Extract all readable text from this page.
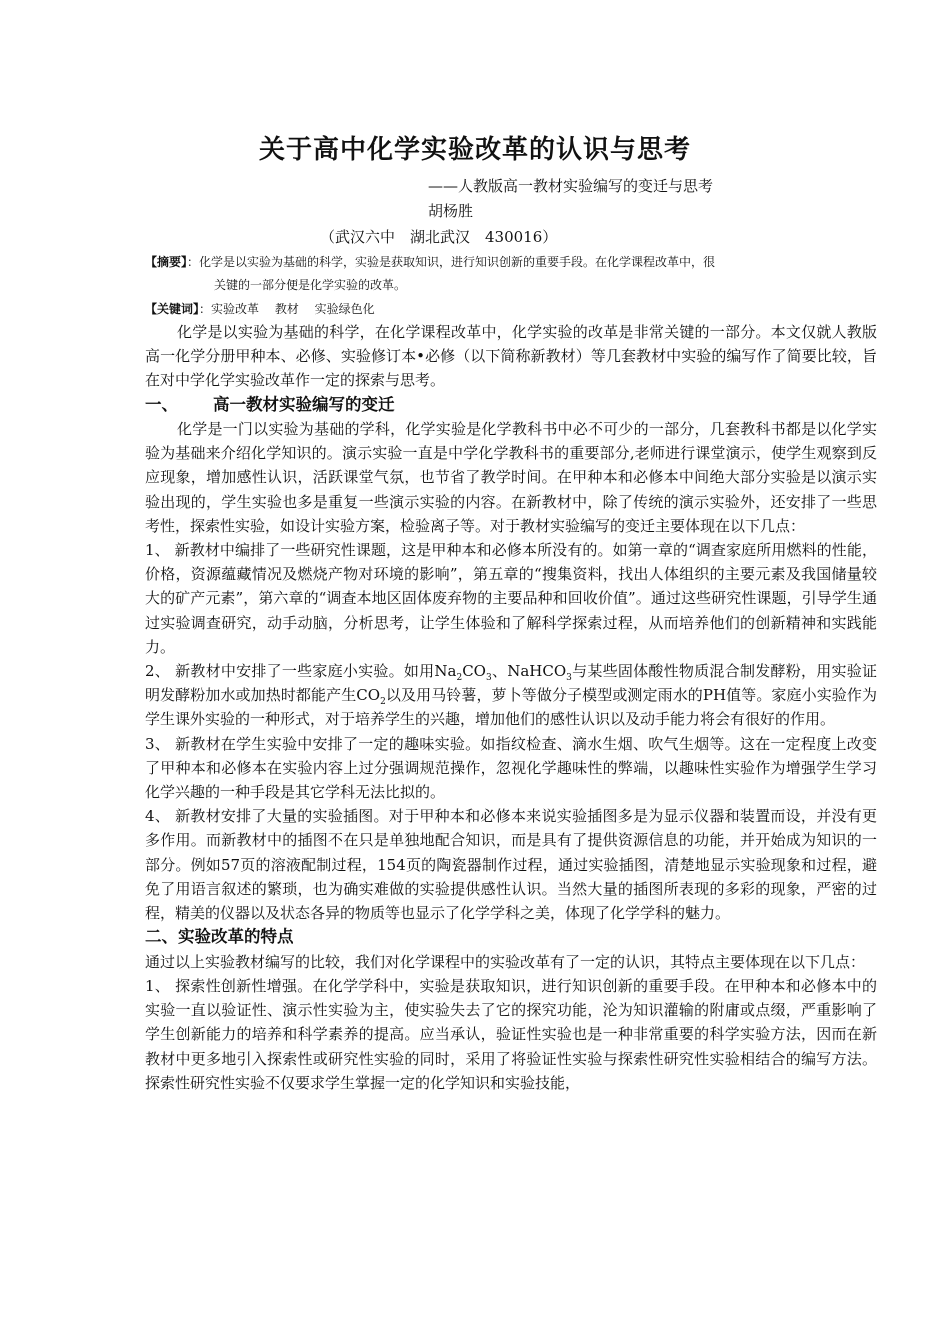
关于高中化学实验改革的认识与思考
——人教版高一教材实验编写的变迁与思考
胡杨胜
（武汉六中　湖北武汉　430016）
【摘要】：化学是以实验为基础的科学，实验是获取知识，进行知识创新的重要手段。在化学课程改革中，很
关键的一部分便是化学实验的改革。
【关键词】：实验改革　 教材　 实验绿色化

化学是以实验为基础的科学，在化学课程改革中，化学实验的改革是非常关键的一部分。本文仅就人教版高一化学分册甲种本、必修、实验修订本•必修（以下简称新教材）等几套教材中实验的编写作了简要比较，旨在对中学化学实验改革作一定的探索与思考。

一、 高一教材实验编写的变迁

化学是一门以实验为基础的学科，化学实验是化学教科书中必不可少的一部分，几套教科书都是以化学实验为基础来介绍化学知识的。演示实验一直是中学化学教科书的重要部分,老师进行课堂演示，使学生观察到反应现象，增加感性认识，活跃课堂气氛，也节省了教学时间。在甲种本和必修本中间绝大部分实验是以演示实验出现的，学生实验也多是重复一些演示实验的内容。在新教材中，除了传统的演示实验外，还安排了一些思考性，探索性实验，如设计实验方案，检验离子等。对于教材实验编写的变迁主要体现在以下几点：

1、 新教材中编排了一些研究性课题，这是甲种本和必修本所没有的。如第一章的“调查家庭所用燃料的性能，价格，资源蕴藏情况及燃烧产物对环境的影响”，第五章的“搜集资料，找出人体组织的主要元素及我国储量较大的矿产元素”，第六章的“调查本地区固体废弃物的主要品种和回收价值”。通过这些研究性课题，引导学生通过实验调查研究，动手动脑，分析思考，让学生体验和了解科学探索过程，从而培养他们的创新精神和实践能力。

2、 新教材中安排了一些家庭小实验。如用$Na_2CO_3$、NaHCO$_3$与某些固体酸性物质混合制发酵粉，用实验证明发酵粉加水或加热时都能产生$CO_2$以及用马铃薯，萝卜等做分子模型或测定雨水的PH值等。家庭小实验作为学生课外实验的一种形式，对于培养学生的兴趣，增加他们的感性认识以及动手能力将会有很好的作用。

3、 新教材在学生实验中安排了一定的趣味实验。如指纹检查、滴水生烟、吹气生烟等。这在一定程度上改变了甲种本和必修本在实验内容上过分强调规范操作，忽视化学趣味性的弊端，以趣味性实验作为增强学生学习化学兴趣的一种手段是其它学科无法比拟的。

4、 新教材安排了大量的实验插图。对于甲种本和必修本来说实验插图多是为显示仪器和装置而设，并没有更多作用。而新教材中的插图不在只是单独地配合知识，而是具有了提供资源信息的功能，并开始成为知识的一部分。例如57页的溶液配制过程，154页的陶瓷器制作过程，通过实验插图，清楚地显示实验现象和过程，避免了用语言叙述的繁琐，也为确实难做的实验提供感性认识。当然大量的插图所表现的多彩的现象，严密的过程，精美的仪器以及状态各异的物质等也显示了化学学科之美，体现了化学学科的魅力。

二、实验改革的特点

通过以上实验教材编写的比较，我们对化学课程中的实验改革有了一定的认识，其特点主要体现在以下几点：

1、 探索性创新性增强。在化学学科中，实验是获取知识，进行知识创新的重要手段。在甲种本和必修本中的实验一直以验证性、演示性实验为主，使实验失去了它的探究功能，沦为知识灌输的附庸或点缀，严重影响了学生创新能力的培养和科学素养的提高。应当承认，验证性实验也是一种非常重要的科学实验方法，因而在新教材中更多地引入探索性或研究性实验的同时，采用了将验证性实验与探索性研究性实验相结合的编写方法。探索性研究性实验不仅要求学生掌握一定的化学知识和实验技能，
